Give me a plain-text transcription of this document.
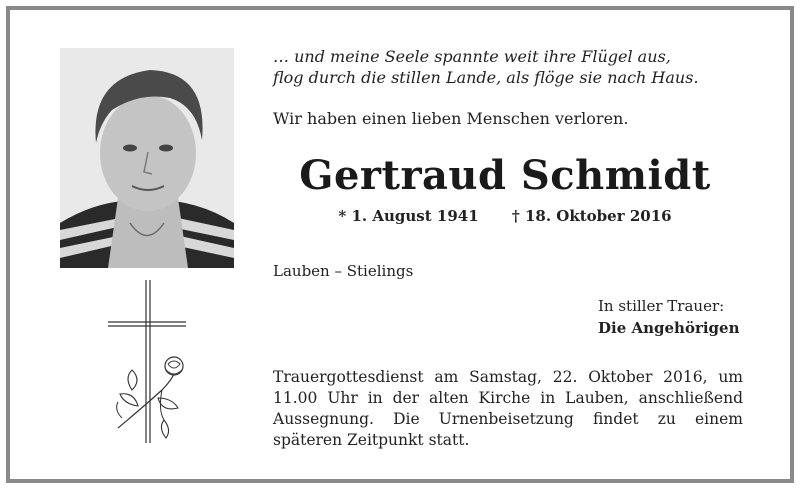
… und meine Seele spannte weit ihre Flügel aus,
flog durch die stillen Lande, als flöge sie nach Haus.
Wir haben einen lieben Menschen verloren.
Gertraud Schmidt
* 1. August 1941 † 18. Oktober 2016
Lauben – Stielings
In stiller Trauer:
Die Angehörigen
Trauergottesdienst am Samstag, 22. Oktober 2016, um 11.00 Uhr in der alten Kirche in Lauben, anschließend Aussegnung. Die Urnenbeisetzung findet zu einem späteren Zeitpunkt statt.
